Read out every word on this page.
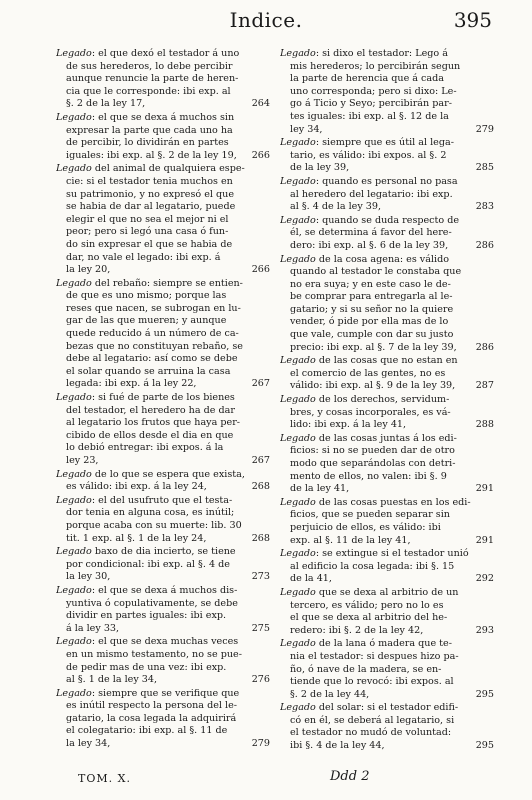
Indice.	395
Legado: el que dexó el testador á uno
de sus herederos, lo debe percibir
aunque renuncie la parte de heren-
cia que le corresponde: ibi exp. al
264
§. 2 de la ley 17,
Legado: el que se dexa á muchos sin
expresar la parte que cada uno ha
de percibir, lo dividirán en partes
266
iguales: ibi exp. al §. 2 de la ley 19,
Legado del animal de qualquiera espe-
cie: si el testador tenia muchos en
su patrimonio, y no expresó el que
se habia de dar al legatario, puede
elegir el que no sea el mejor ni el
peor; pero si legó una casa ó fun-
do sin expresar el que se habia de
dar, no vale el legado: ibi exp. á
266
la ley 20,
Legado del rebaño: siempre se entien-
de que es uno mismo; porque las
reses que nacen, se subrogan en lu-
gar de las que mueren; y aunque
quede reducido á un número de ca-
bezas que no constituyan rebaño, se
debe al legatario: así como se debe
el solar quando se arruina la casa
267
legada: ibi exp. á la ley 22,
Legado: si fué de parte de los bienes
del testador, el heredero ha de dar
al legatario los frutos que haya per-
cibido de ellos desde el dia en que
lo debió entregar: ibi expos. á la
267
ley 23,
Legado de lo que se espera que exista,
268
es válido: ibi exp. á la ley 24,
Legado: el del usufruto que el testa-
dor tenia en alguna cosa, es inútil;
porque acaba con su muerte: lib. 30
268
tit. 1 exp. al §. 1 de la ley 24,
Legado baxo de dia incierto, se tiene
por condicional: ibi exp. al §. 4 de
273
la ley 30,
Legado: el que se dexa á muchos dis-
yuntiva ó copulativamente, se debe
dividir en partes iguales: ibi exp.
275
á la ley 33,
Legado: el que se dexa muchas veces
en un mismo testamento, no se pue-
de pedir mas de una vez: ibi exp.
276
al §. 1 de la ley 34,
Legado: siempre que se verifique que
es inútil respecto la persona del le-
gatario, la cosa legada la adquirirá
el colegatario: ibi exp. al §. 11 de
279
la ley 34,
Legado: si dixo el testador: Lego á
mis herederos; lo percibirán segun
la parte de herencia que á cada
uno corresponda; pero si dixo: Le-
go á Ticio y Seyo; percibirán par-
tes iguales: ibi exp. al §. 12 de la
279
ley 34,
Legado: siempre que es útil al lega-
tario, es válido: ibi expos. al §. 2
285
de la ley 39,
Legado: quando es personal no pasa
al heredero del legatario: ibi exp.
283
al §. 4 de la ley 39,
Legado: quando se duda respecto de
él, se determina á favor del here-
286
dero: ibi exp. al §. 6 de la ley 39,
Legado de la cosa agena: es válido
quando al testador le constaba que
no era suya; y en este caso le de-
be comprar para entregarla al le-
gatario; y si su señor no la quiere
vender, ó pide por ella mas de lo
que vale, cumple con dar su justo
286
precio: ibi exp. al §. 7 de la ley 39,
Legado de las cosas que no estan en
el comercio de las gentes, no es
287
válido: ibi exp. al §. 9 de la ley 39,
Legado de los derechos, servidum-
bres, y cosas incorporales, es vá-
288
lido: ibi exp. á la ley 41,
Legado de las cosas juntas á los edi-
ficios: si no se pueden dar de otro
modo que separándolas con detri-
mento de ellos, no valen: ibi §. 9
291
de la ley 41,
Legado de las cosas puestas en los edi-
ficios, que se pueden separar sin
perjuicio de ellos, es válido: ibi
291
exp. al §. 11 de la ley 41,
Legado: se extingue si el testador unió
al edificio la cosa legada: ibi §. 15
292
de la 41,
Legado que se dexa al arbitrio de un
tercero, es válido; pero no lo es
el que se dexa al arbitrio del he-
293
redero: ibi §. 2 de la ley 42,
Legado de la lana ó madera que te-
nia el testador: si despues hizo pa-
ño, ó nave de la madera, se en-
tiende que lo revocó: ibi expos. al
295
§. 2 de la ley 44,
Legado del solar: si el testador edifi-
có en él, se deberá al legatario, si
el testador no mudó de voluntad:
295
ibi §. 4 de la ley 44,
TOM. X.	Ddd 2
